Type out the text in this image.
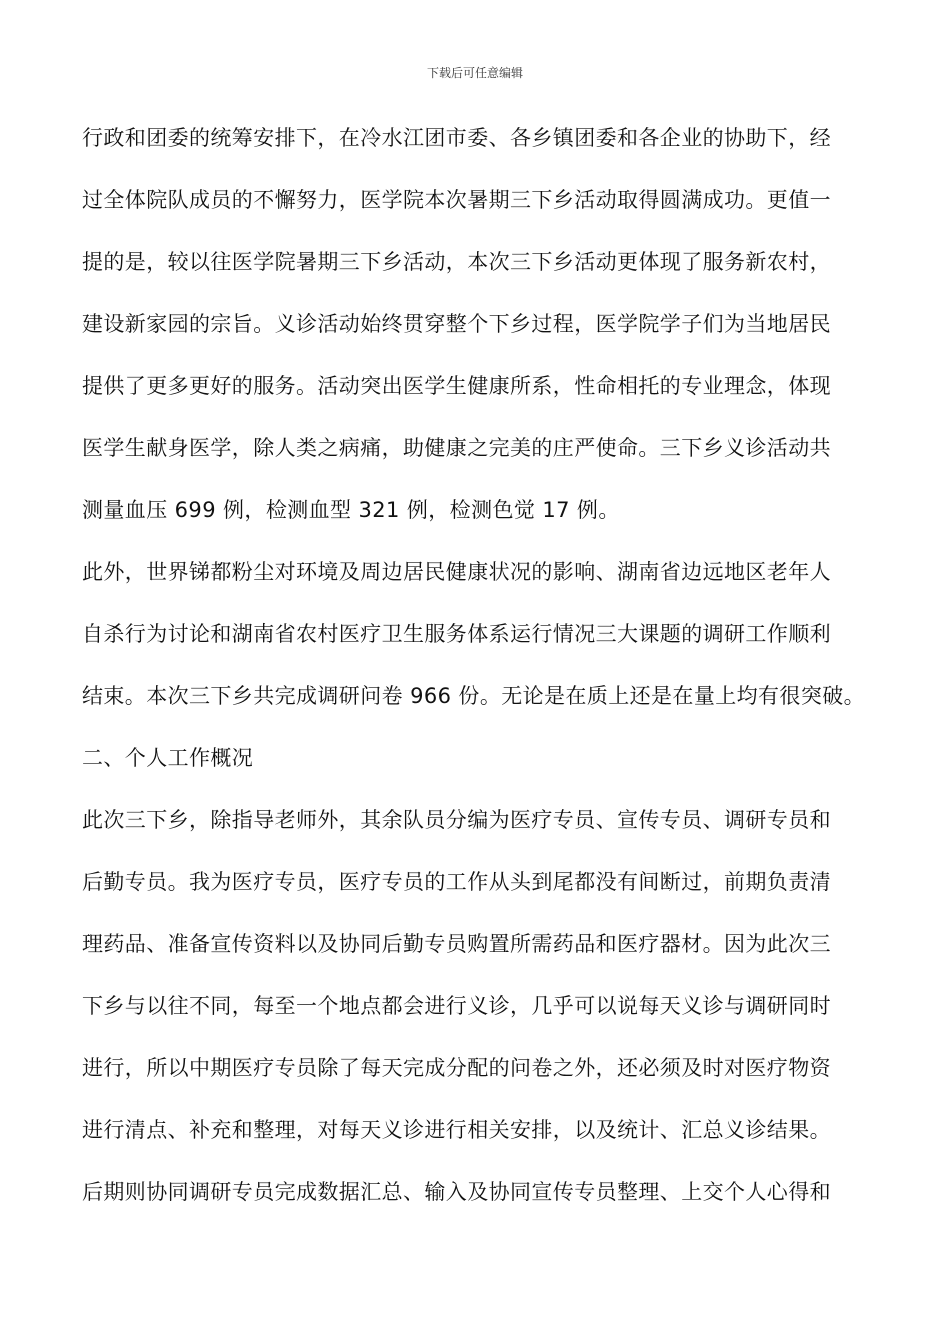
下载后可任意编辑
行政和团委的统筹安排下，在冷水江团市委、各乡镇团委和各企业的协助下，经
过全体院队成员的不懈努力，医学院本次暑期三下乡活动取得圆满成功。更值一
提的是，较以往医学院暑期三下乡活动，本次三下乡活动更体现了服务新农村，
建设新家园的宗旨。义诊活动始终贯穿整个下乡过程，医学院学子们为当地居民
提供了更多更好的服务。活动突出医学生健康所系，性命相托的专业理念，体现
医学生献身医学，除人类之病痛，助健康之完美的庄严使命。三下乡义诊活动共
测量血压 699 例，检测血型 321 例，检测色觉 17 例。
此外，世界锑都粉尘对环境及周边居民健康状况的影响、湖南省边远地区老年人
自杀行为讨论和湖南省农村医疗卫生服务体系运行情况三大课题的调研工作顺利
结束。本次三下乡共完成调研问卷 966 份。无论是在质上还是在量上均有很突破。
二、个人工作概况
此次三下乡，除指导老师外，其余队员分编为医疗专员、宣传专员、调研专员和
后勤专员。我为医疗专员，医疗专员的工作从头到尾都没有间断过，前期负责清
理药品、准备宣传资料以及协同后勤专员购置所需药品和医疗器材。因为此次三
下乡与以往不同，每至一个地点都会进行义诊，几乎可以说每天义诊与调研同时
进行，所以中期医疗专员除了每天完成分配的问卷之外，还必须及时对医疗物资
进行清点、补充和整理，对每天义诊进行相关安排，以及统计、汇总义诊结果。
后期则协同调研专员完成数据汇总、输入及协同宣传专员整理、上交个人心得和
